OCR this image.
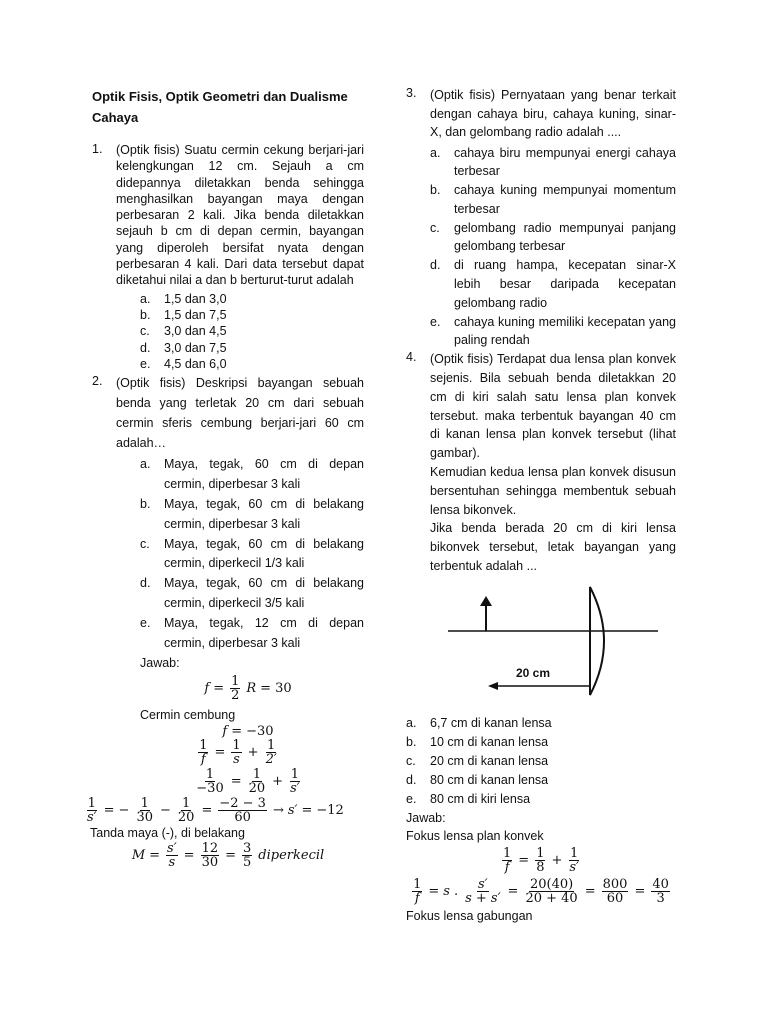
Optik Fisis, Optik Geometri dan Dualisme Cahaya
1.	(Optik fisis) Suatu cermin cekung berjari-jari kelengkungan 12 cm. Sejauh a cm didepannya diletakkan benda sehingga menghasilkan bayangan maya dengan perbesaran 2 kali. Jika benda diletakkan sejauh b cm di depan cermin, bayangan yang diperoleh bersifat nyata dengan perbesaran 4 kali. Dari data tersebut dapat diketahui nilai a dan b berturut-turut adalah
a.	1,5 dan 3,0
b.	1,5 dan 7,5
c.	3,0 dan 4,5
d.	3,0 dan 7,5
e.	4,5 dan 6,0
2.	(Optik fisis) Deskripsi bayangan sebuah benda yang terletak 20 cm dari sebuah cermin sferis cembung berjari-jari 60 cm adalah…
a.	Maya, tegak, 60 cm di depan cermin, diperbesar 3 kali
b.	Maya, tegak, 60 cm di belakang cermin, diperbesar 3 kali
c.	Maya, tegak, 60 cm di belakang cermin, diperkecil 1/3 kali
d.	Maya, tegak, 60 cm di belakang cermin, diperkecil 3/5 kali
e.	Maya, tegak, 12 cm di depan cermin, diperbesar 3 kali
Jawab:
$f = \frac{1}{2}$ R = 30
Cermin cembung
f = −30
$\frac{1}{f} = \frac{1}{s} + \frac{1}{2'}$
$\frac{1}{-30} = \frac{1}{20} + \frac{1}{s'}$
$\frac{1}{s'}$ = − $\frac{1}{30} - \frac{1}{20} = \frac{-2 - 3}{60} \to s' = -12$
Tanda maya (-), di belakang
$M = \frac{s'}{s} = \frac{12}{30} = \frac{3}{5}$ diperkecil
3.	(Optik fisis) Pernyataan yang benar terkait dengan cahaya biru, cahaya kuning, sinar-X, dan gelombang radio adalah ....
a.	cahaya biru mempunyai energi cahaya terbesar
b.	cahaya kuning mempunyai momentum terbesar
c.	gelombang radio mempunyai panjang gelombang terbesar
d.	di ruang hampa, kecepatan sinar-X lebih besar daripada kecepatan gelombang radio
e.	cahaya kuning memiliki kecepatan yang paling rendah
4.	(Optik fisis) Terdapat dua lensa plan konvek sejenis. Bila sebuah benda diletakkan 20 cm di kiri salah satu lensa plan konvek tersebut. maka terbentuk bayangan 40 cm di kanan lensa plan konvek tersebut (lihat gambar).
Kemudian kedua lensa plan konvek disusun bersentuhan sehingga membentuk sebuah lensa bikonvek.
Jika benda berada 20 cm di kiri lensa bikonvek tersebut, letak bayangan yang terbentuk adalah ...
20 cm
a.	6,7 cm di kanan lensa
b.	10 cm di kanan lensa
c.	20 cm di kanan lensa
d.	80 cm di kanan lensa
e.	80 cm di kiri lensa
Jawab:
Fokus lensa plan konvek
$\frac{1}{f} = \frac{1}{8} + \frac{1}{s'}$
$\frac{1}{f} = s$ . $\frac{s'}{s + s'} = \frac{20(40)}{20 + 40} = \frac{800}{60} = \frac{40}{3}$
Fokus lensa gabungan
